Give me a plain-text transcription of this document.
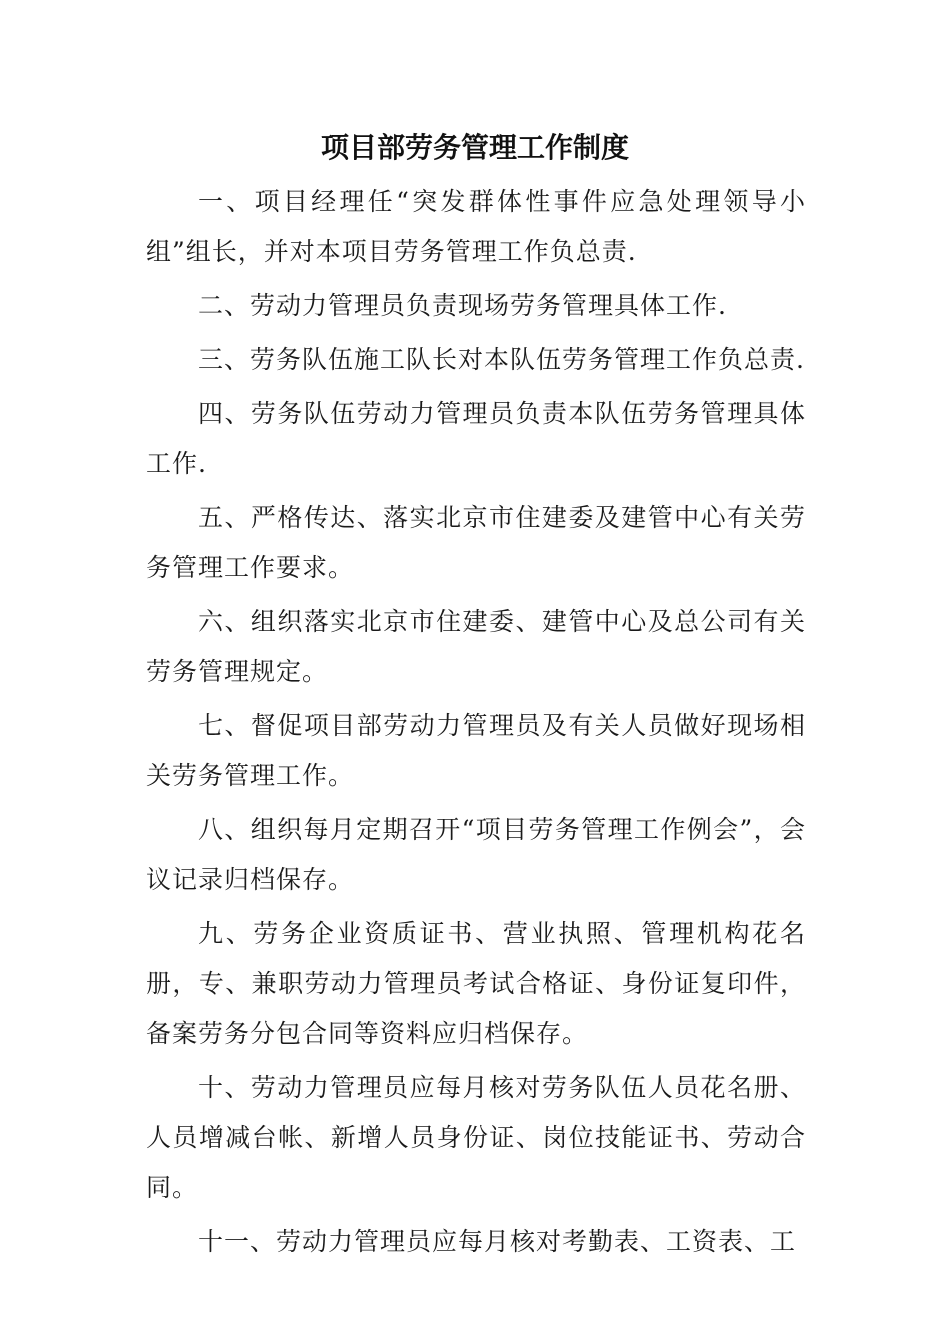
项目部劳务管理工作制度

一、项目经理任“突发群体性事件应急处理领导小组”组长，并对本项目劳务管理工作负总责.

二、劳动力管理员负责现场劳务管理具体工作.

三、劳务队伍施工队长对本队伍劳务管理工作负总责.

四、劳务队伍劳动力管理员负责本队伍劳务管理具体工作.

五、严格传达、落实北京市住建委及建管中心有关劳务管理工作要求。

六、组织落实北京市住建委、建管中心及总公司有关劳务管理规定。

七、督促项目部劳动力管理员及有关人员做好现场相关劳务管理工作。

八、组织每月定期召开“项目劳务管理工作例会”，会议记录归档保存。

九、劳务企业资质证书、营业执照、管理机构花名册，专、兼职劳动力管理员考试合格证、身份证复印件，备案劳务分包合同等资料应归档保存。

十、劳动力管理员应每月核对劳务队伍人员花名册、人员增减台帐、新增人员身份证、岗位技能证书、劳动合同。

十一、劳动力管理员应每月核对考勤表、工资表、工
